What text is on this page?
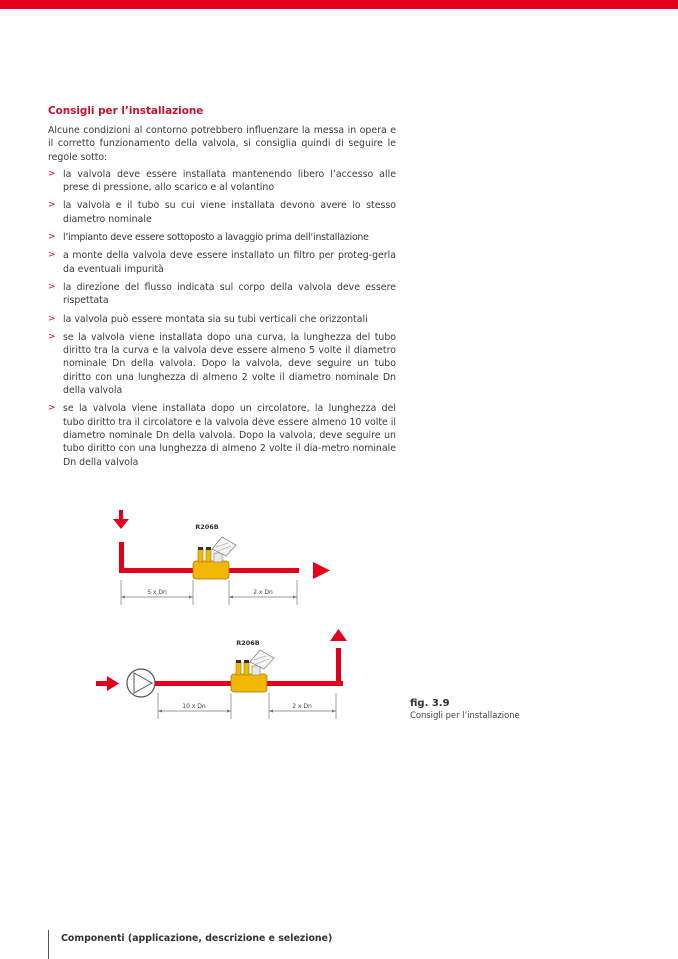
Consigli per l’installazione

Alcune condizioni al contorno potrebbero influenzare la messa in opera e il corretto funzionamento della valvola, si consiglia quindi di seguire le regole sotto:

> la valvola deve essere installata mantenendo libero l’accesso alle prese di pressione, allo scarico e al volantino
> la valvola e il tubo su cui viene installata devono avere lo stesso diametro nominale
> l’impianto deve essere sottoposto a lavaggio prima dell’installazione
> a monte della valvola deve essere installato un filtro per proteg-gerla da eventuali impurità
> la direzione del flusso indicata sul corpo della valvola deve essere rispettata
> la valvola può essere montata sia su tubi verticali che orizzontali
> se la valvola viene installata dopo una curva, la lunghezza del tubo diritto tra la curva e la valvola deve essere almeno 5 volte il diametro nominale Dn della valvola. Dopo la valvola, deve seguire un tubo diritto con una lunghezza di almeno 2 volte il diametro nominale Dn della valvola
> se la valvola viene installata dopo un circolatore, la lunghezza del tubo diritto tra il circolatore e la valvola deve essere almeno 10 volte il diametro nominale Dn della valvola. Dopo la valvola, deve seguire un tubo diritto con una lunghezza di almeno 2 volte il dia-metro nominale Dn della valvola
R206B
5 x Dn	2 x Dn
R206B
10 x Dn	2 x Dn	fig. 3.9
Consigli per l’installazione
Componenti (applicazione, descrizione e selezione)
